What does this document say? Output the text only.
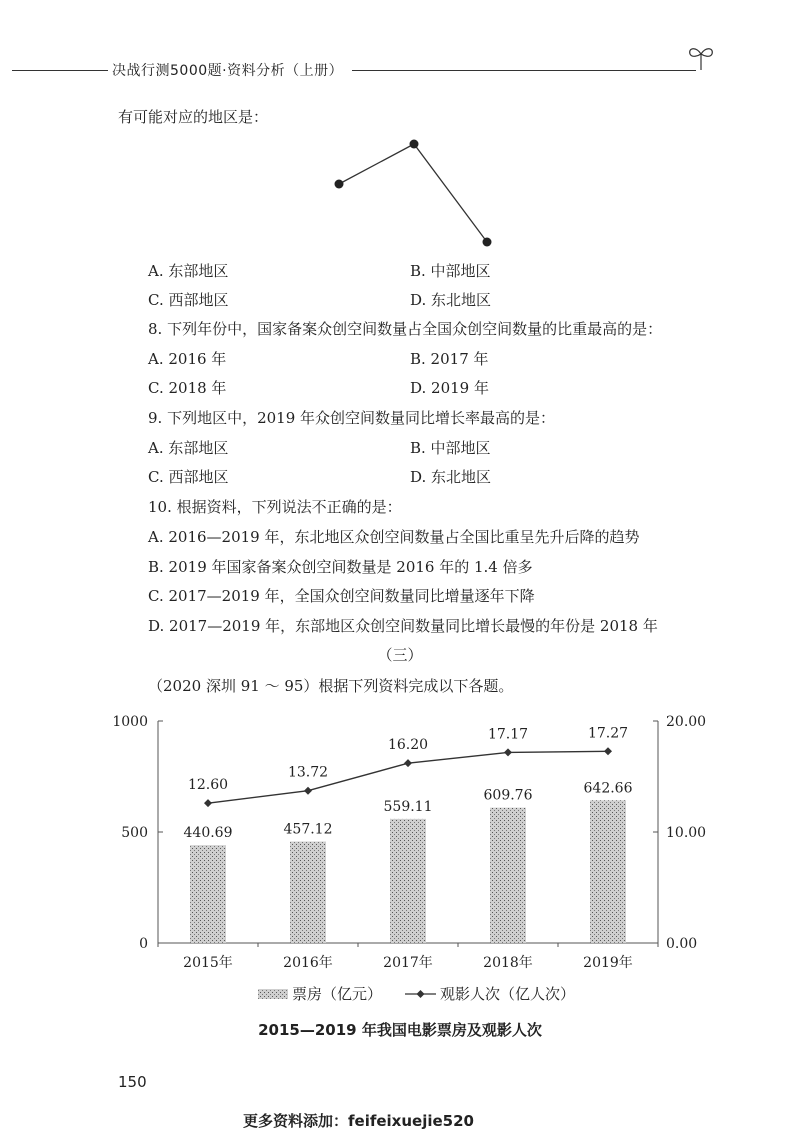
决战行测5000题·资料分析（上册）
有可能对应的地区是：
A. 东部地区	B. 中部地区
C. 西部地区	D. 东北地区
8. 下列年份中，国家备案众创空间数量占全国众创空间数量的比重最高的是：
A. 2016 年	B. 2017 年
C. 2018 年	D. 2019 年
9. 下列地区中，2019 年众创空间数量同比增长率最高的是：
A. 东部地区	B. 中部地区
C. 西部地区	D. 东北地区
10. 根据资料，下列说法不正确的是：
A. 2016—2019 年，东北地区众创空间数量占全国比重呈先升后降的趋势
B. 2019 年国家备案众创空间数量是 2016 年的 1.4 倍多
C. 2017—2019 年，全国众创空间数量同比增量逐年下降
D. 2017—2019 年，东部地区众创空间数量同比增长最慢的年份是 2018 年
（三）
（2020 深圳 91 ～ 95）根据下列资料完成以下各题。
0
500
1000
0.00
10.00
20.00
440.69	457.12
559.11
609.76	642.66
12.60
13.72
16.20
17.17	17.27
2015年	2016年	2017年	2018年	2019年
票房（亿元）	观影人次（亿人次）
2015—2019 年我国电影票房及观影人次
150
更多资料添加：feifeixuejie520
